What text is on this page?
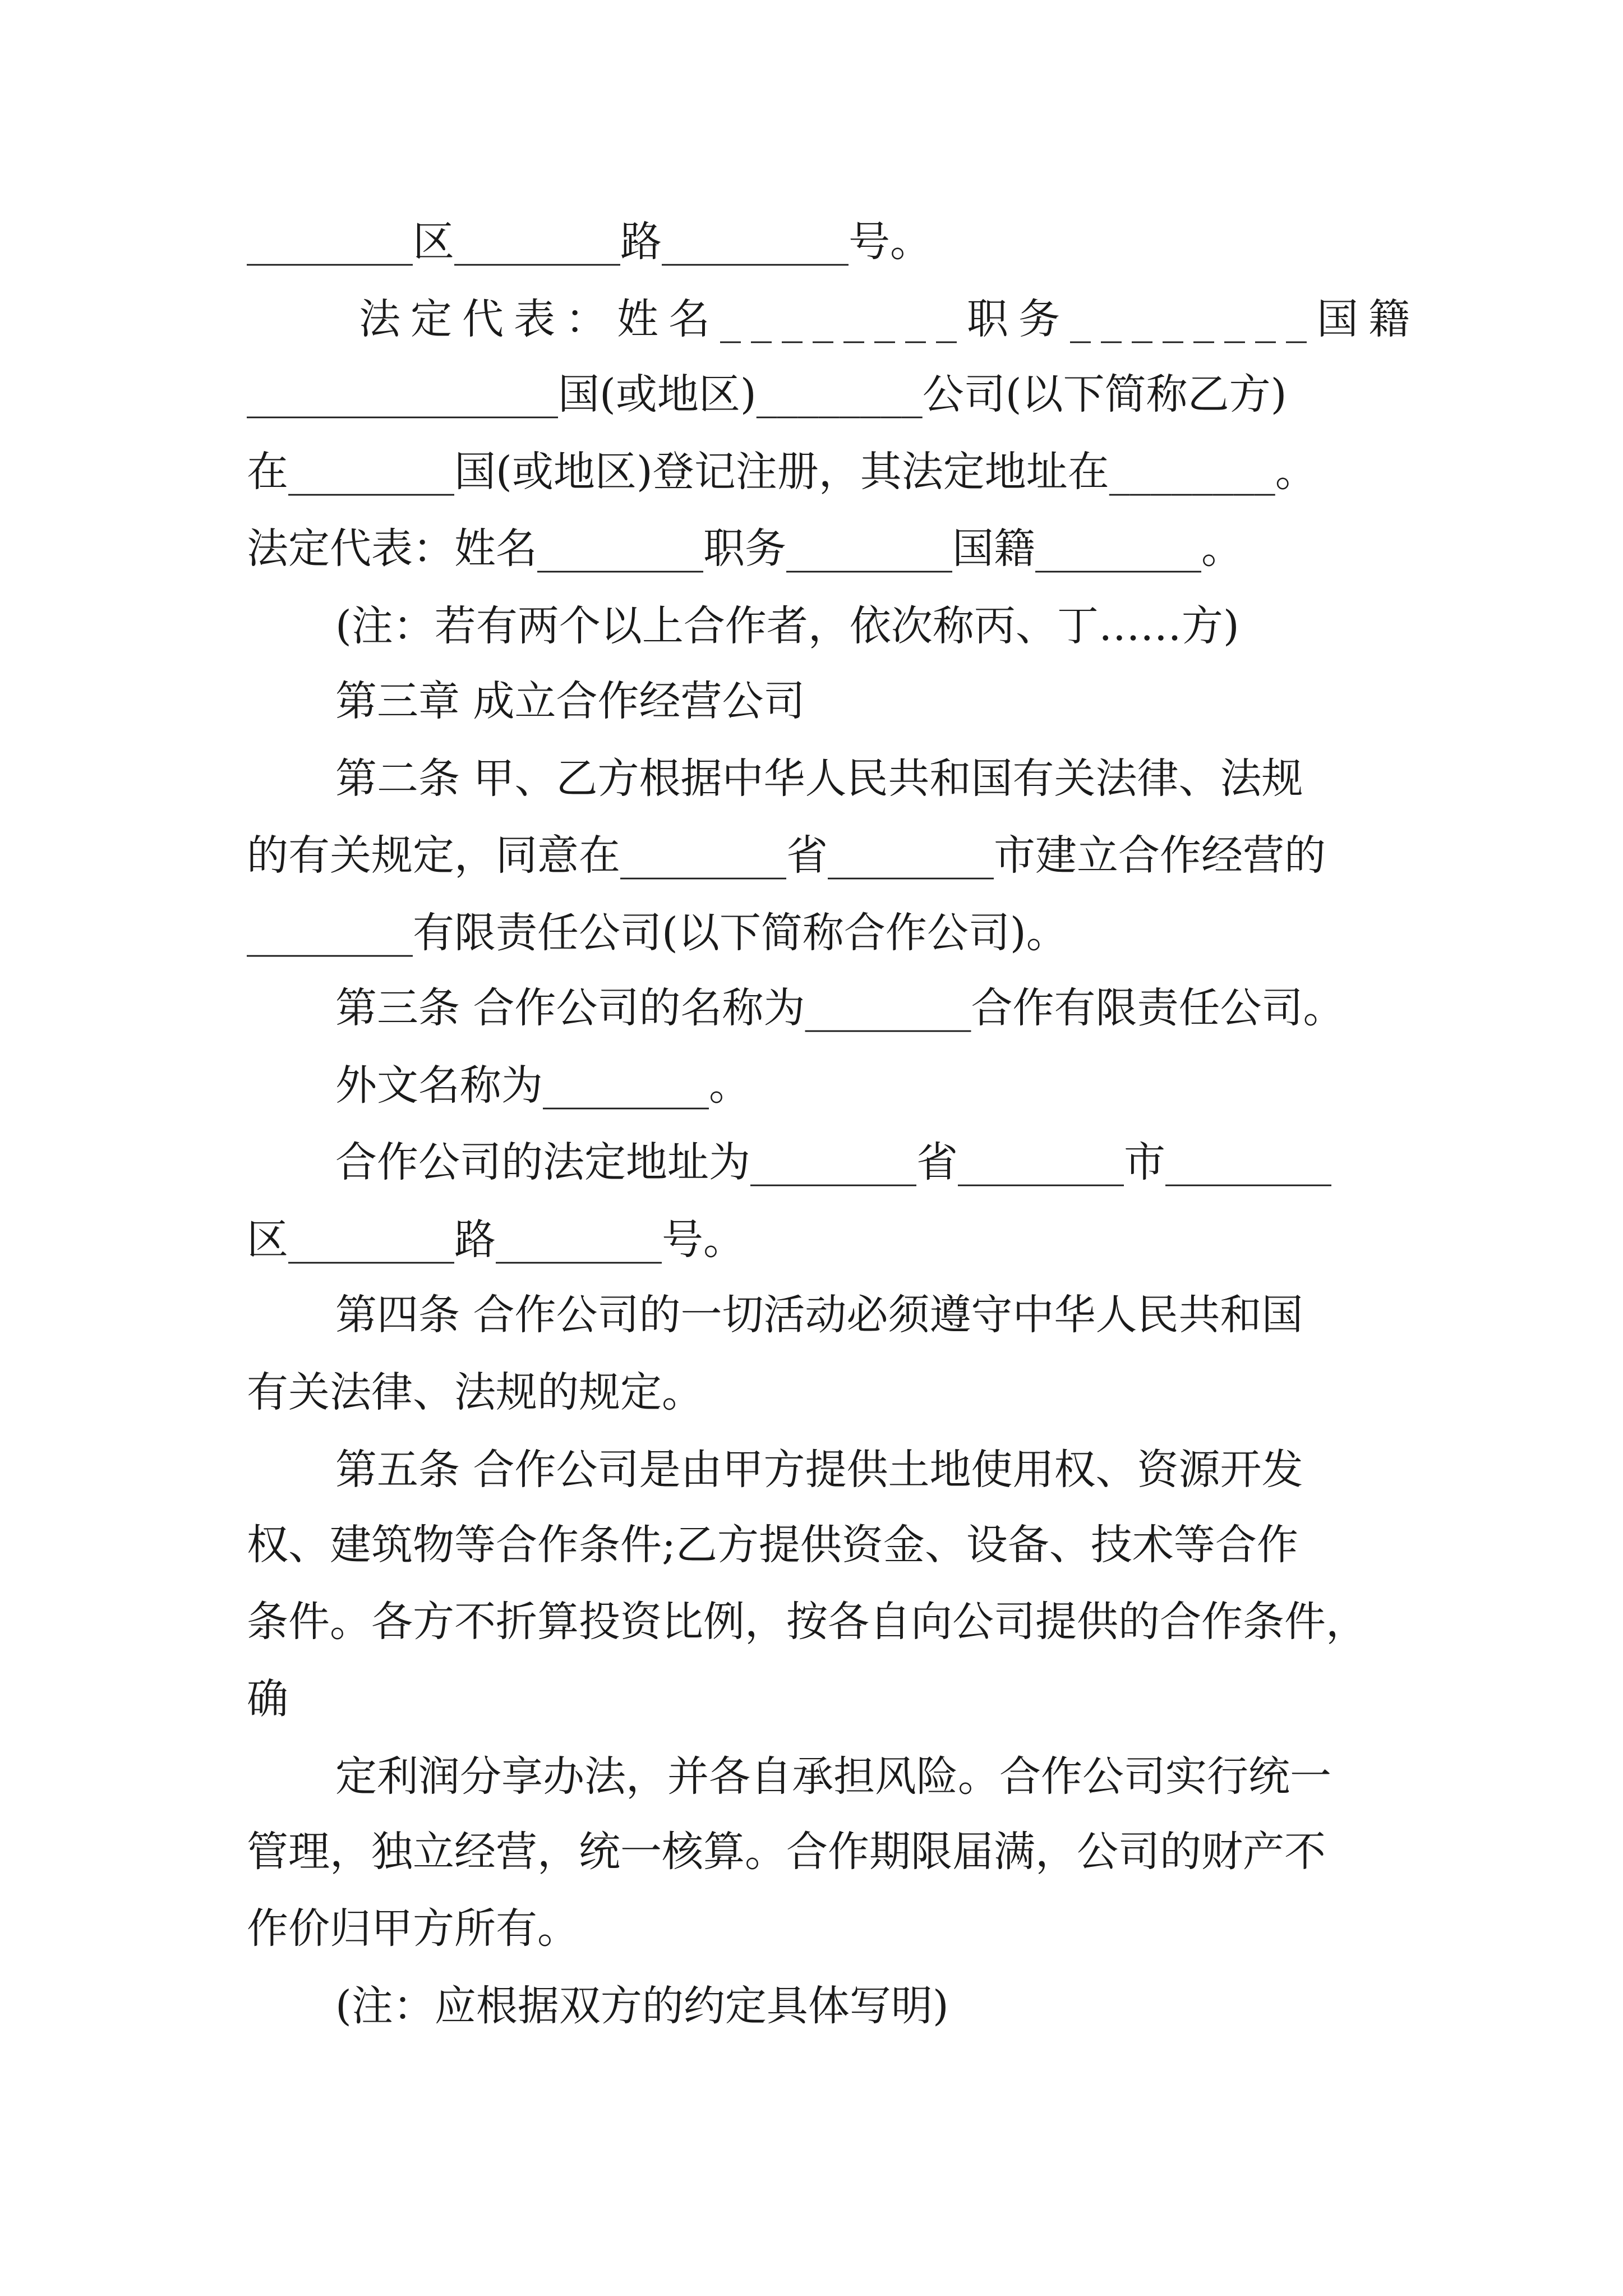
________区________路_________号。

法定代表：姓名________职务________国籍

_______________国(或地区)________公司(以下简称乙方)

在________国(或地区)登记注册，其法定地址在________。

法定代表：姓名________职务________国籍________。

(注：若有两个以上合作者，依次称丙、丁……方)

第三章 成立合作经营公司

第二条 甲、乙方根据中华人民共和国有关法律、法规

的有关规定，同意在________省________市建立合作经营的

________有限责任公司(以下简称合作公司)。

第三条 合作公司的名称为________合作有限责任公司。

外文名称为________。

合作公司的法定地址为________省________市________

区________路________号。

第四条 合作公司的一切活动必须遵守中华人民共和国

有关法律、法规的规定。

第五条 合作公司是由甲方提供土地使用权、资源开发

权、建筑物等合作条件;乙方提供资金、设备、技术等合作

条件。各方不折算投资比例，按各自向公司提供的合作条件，

确

定利润分享办法，并各自承担风险。合作公司实行统一

管理，独立经营，统一核算。合作期限届满，公司的财产不

作价归甲方所有。

(注：应根据双方的约定具体写明)
